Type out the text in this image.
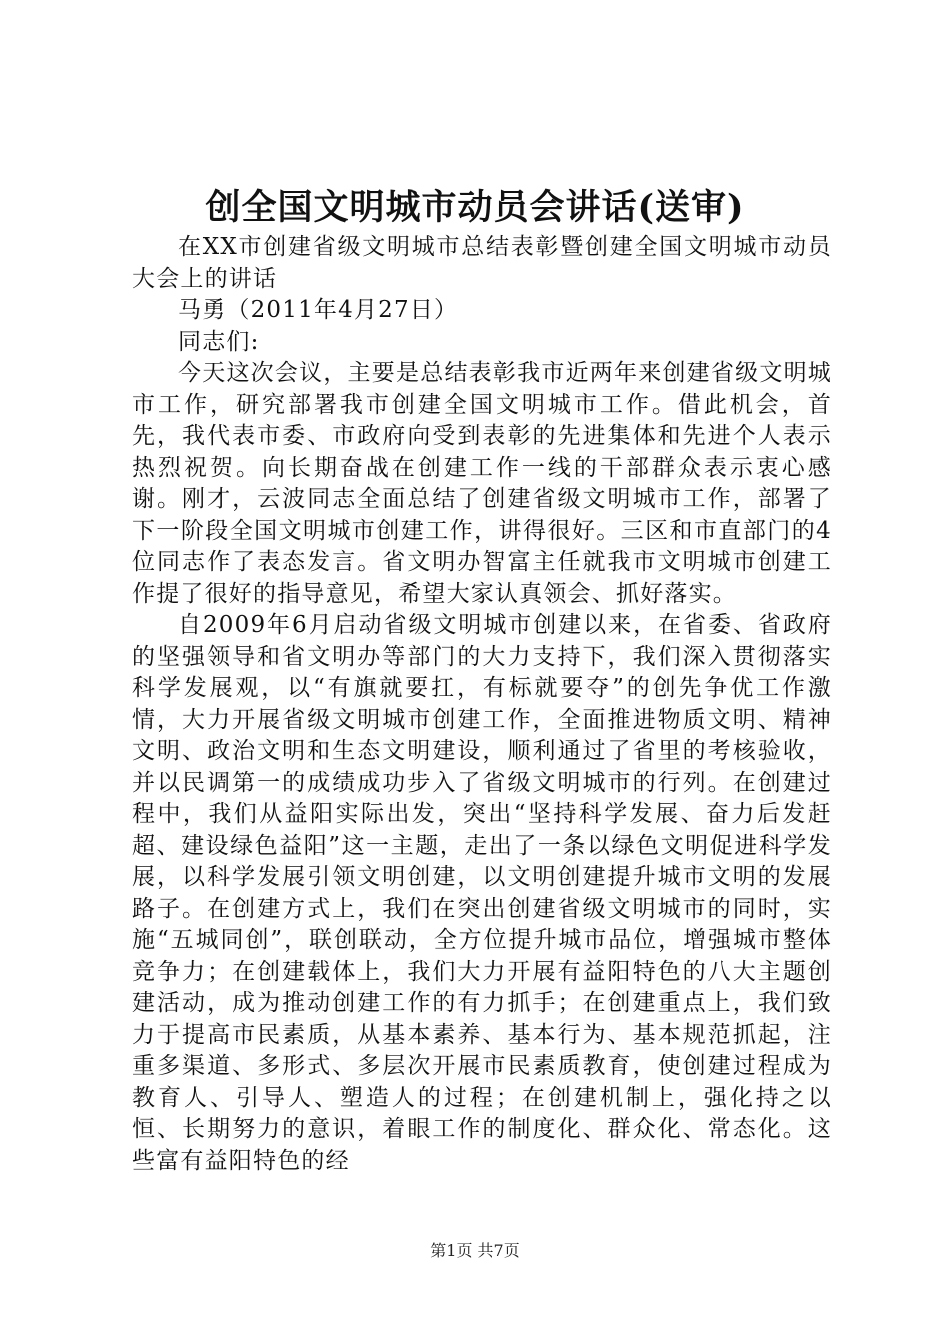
创全国文明城市动员会讲话(送审)

在XX市创建省级文明城市总结表彰暨创建全国文明城市动员大会上的讲话

马勇（2011年4月27日）

同志们:

今天这次会议，主要是总结表彰我市近两年来创建省级文明城市工作，研究部署我市创建全国文明城市工作。借此机会，首先，我代表市委、市政府向受到表彰的先进集体和先进个人表示热烈祝贺。向长期奋战在创建工作一线的干部群众表示衷心感谢。刚才，云波同志全面总结了创建省级文明城市工作，部署了下一阶段全国文明城市创建工作，讲得很好。三区和市直部门的4位同志作了表态发言。省文明办智富主任就我市文明城市创建工作提了很好的指导意见，希望大家认真领会、抓好落实。

自2009年6月启动省级文明城市创建以来，在省委、省政府的坚强领导和省文明办等部门的大力支持下，我们深入贯彻落实科学发展观，以“有旗就要扛，有标就要夺”的创先争优工作激情，大力开展省级文明城市创建工作，全面推进物质文明、精神文明、政治文明和生态文明建设，顺利通过了省里的考核验收，并以民调第一的成绩成功步入了省级文明城市的行列。在创建过程中，我们从益阳实际出发，突出“坚持科学发展、奋力后发赶超、建设绿色益阳”这一主题，走出了一条以绿色文明促进科学发展，以科学发展引领文明创建，以文明创建提升城市文明的发展路子。在创建方式上，我们在突出创建省级文明城市的同时，实施“五城同创”，联创联动，全方位提升城市品位，增强城市整体竞争力；在创建载体上，我们大力开展有益阳特色的八大主题创建活动，成为推动创建工作的有力抓手；在创建重点上，我们致力于提高市民素质，从基本素养、基本行为、基本规范抓起，注重多渠道、多形式、多层次开展市民素质教育，使创建过程成为教育人、引导人、塑造人的过程；在创建机制上，强化持之以恒、长期努力的意识，着眼工作的制度化、群众化、常态化。这些富有益阳特色的经

第1页 共7页
